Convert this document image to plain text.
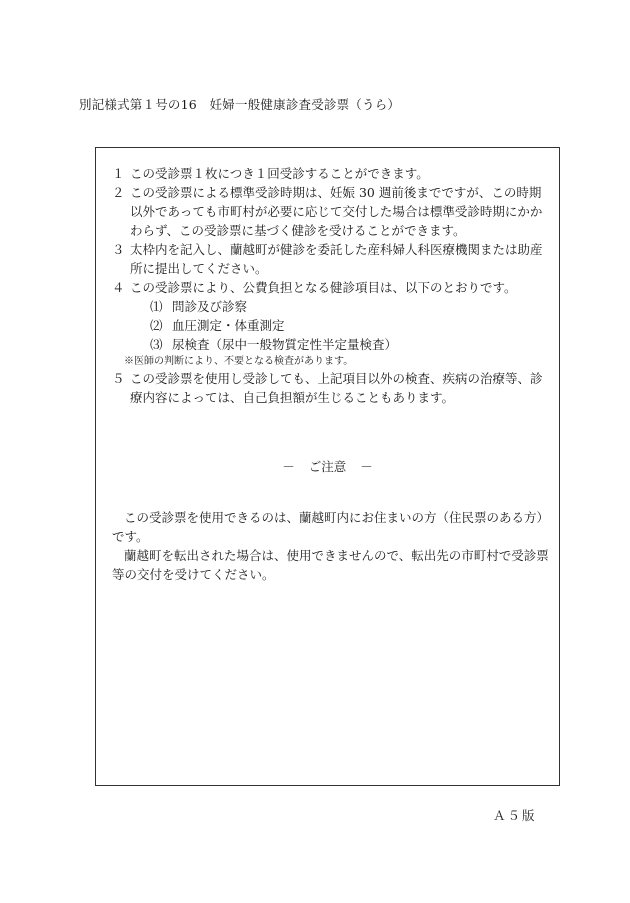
別記様式第１号の16　妊婦一般健康診査受診票（うら）
１ この受診票１枚につき１回受診することができます。
２ この受診票による標準受診時期は、妊娠 30 週前後までですが、この時期以外であっても市町村が必要に応じて交付した場合は標準受診時期にかかわらず、この受診票に基づく健診を受けることができます。
３ 太枠内を記入し、蘭越町が健診を委託した産科婦人科医療機関または助産所に提出してください。
４ この受診票により、公費負担となる健診項目は、以下のとおりです。
⑴ 問診及び診察
⑵ 血圧測定・体重測定
⑶ 尿検査（尿中一般物質定性半定量検査）
※医師の判断により、不要となる検査があります。
５ この受診票を使用し受診しても、上記項目以外の検査、疾病の治療等、診療内容によっては、自己負担額が生じることもあります。
－ ご注意 －

この受診票を使用できるのは、蘭越町内にお住まいの方（住民票のある方）です。

蘭越町を転出された場合は、使用できませんので、転出先の市町村で受診票等の交付を受けてください。

Ａ５版
